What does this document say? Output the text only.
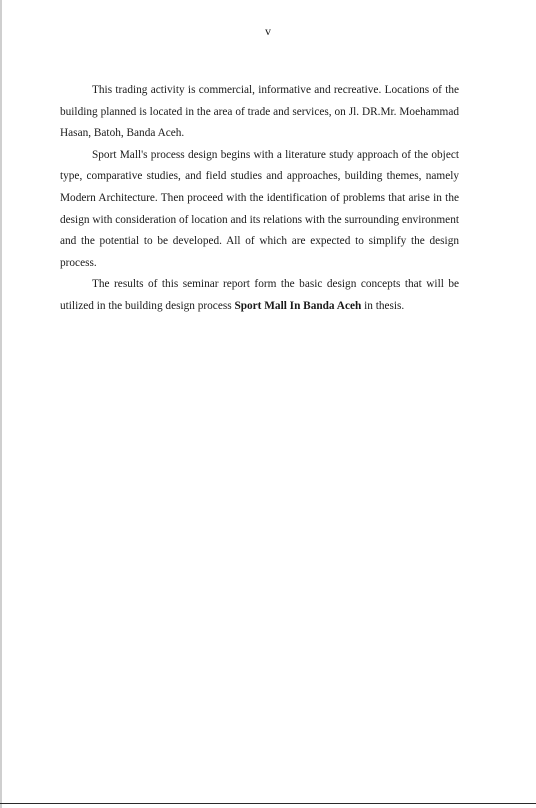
v

This trading activity is commercial, informative and recreative. Locations of the building planned is located in the area of trade and services, on Jl. DR.Mr. Moehammad Hasan, Batoh, Banda Aceh.

Sport Mall's process design begins with a literature study approach of the object type, comparative studies, and field studies and approaches, building themes, namely Modern Architecture. Then proceed with the identification of problems that arise in the design with consideration of location and its relations with the surrounding environment and the potential to be developed. All of which are expected to simplify the design process.

The results of this seminar report form the basic design concepts that will be utilized in the building design process Sport Mall In Banda Aceh in thesis.
